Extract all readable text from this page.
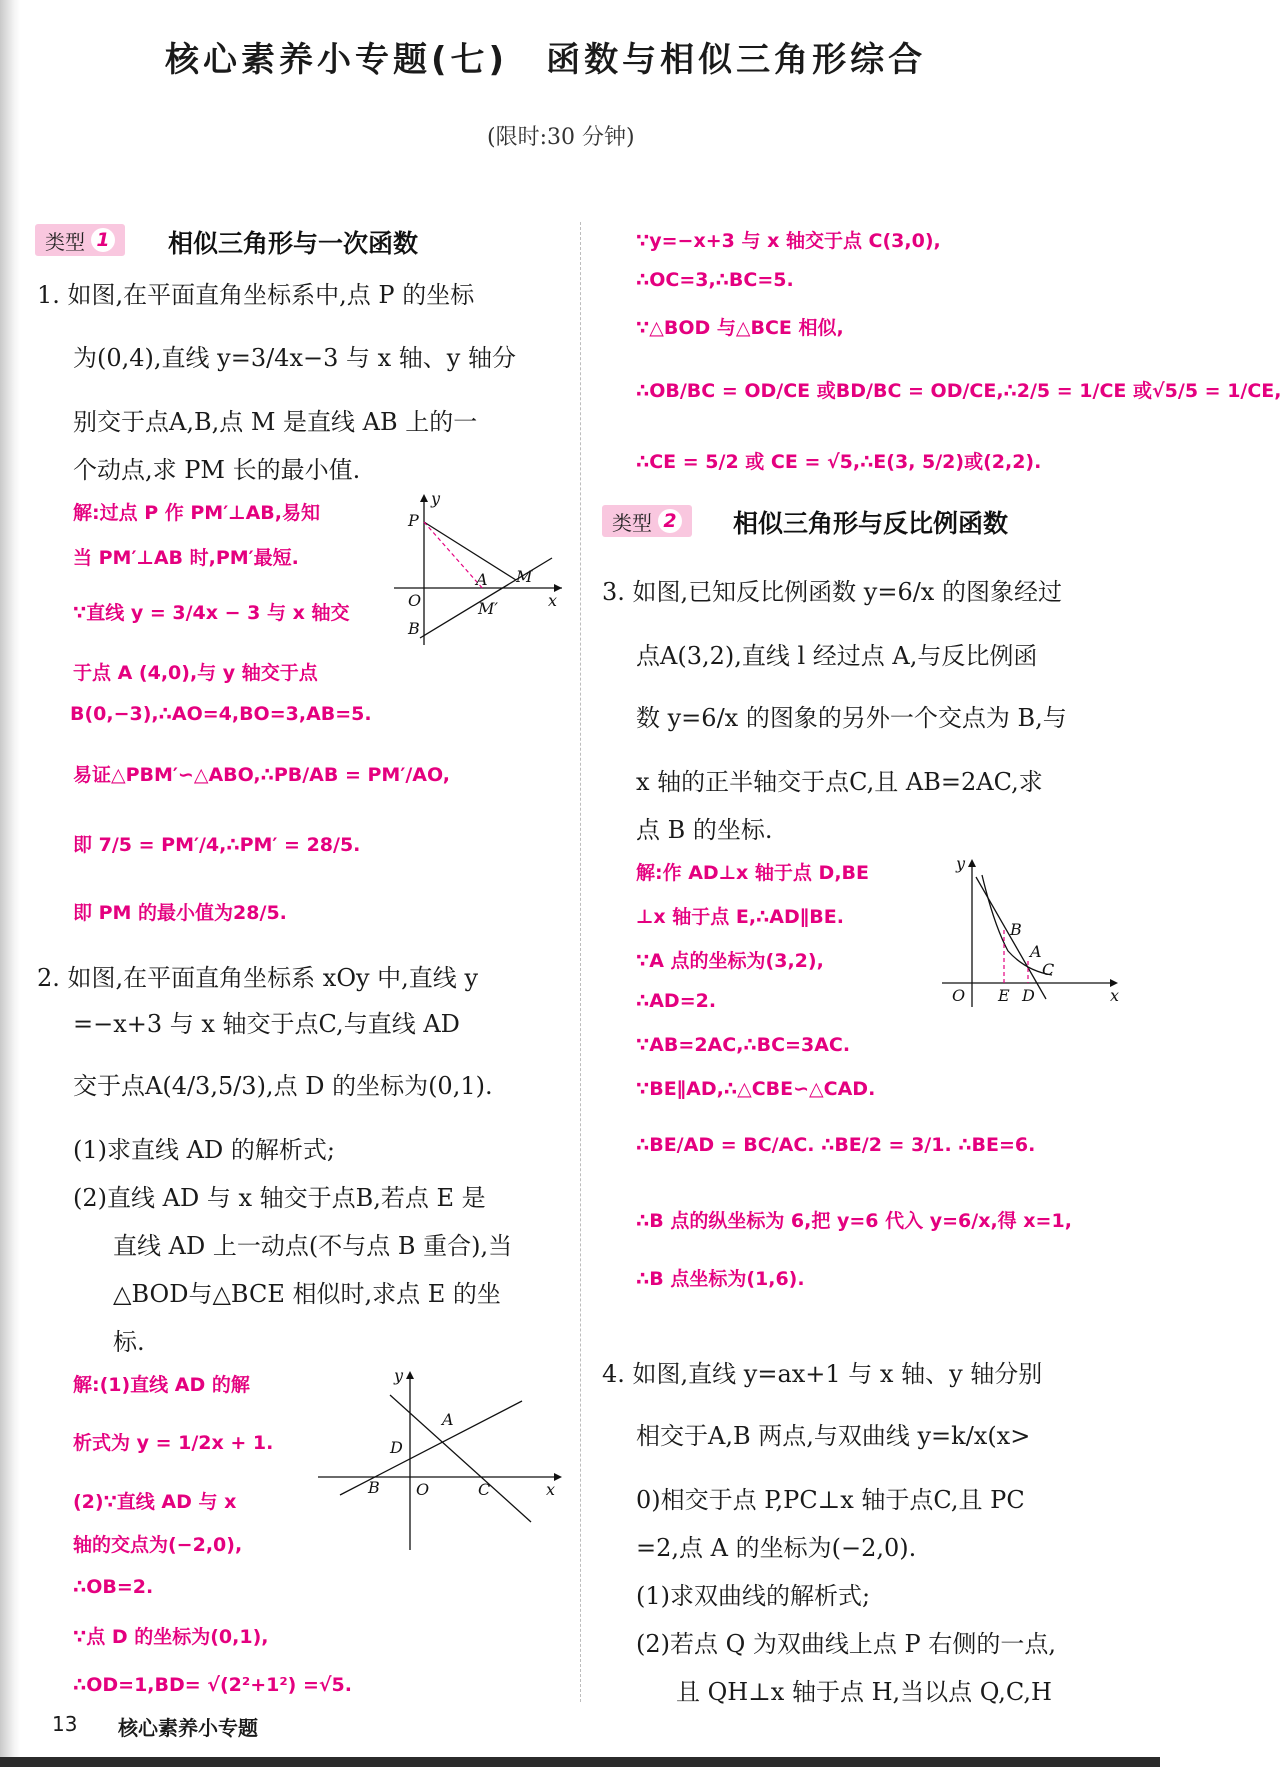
核心素养小专题(七)　函数与相似三角形综合
(限时:30 分钟)
类型 1 相似三角形与一次函数
1. 如图,在平面直角坐标系中,点 P 的坐标
为(0,4),直线 y=3/4x−3 与 x 轴、y 轴分
别交于点A,B,点 M 是直线 AB 上的一
个动点,求 PM 长的最小值.
解:过点 P 作 PM′⊥AB,易知
当 PM′⊥AB 时,PM′最短.
∵直线 y = 3/4x − 3 与 x 轴交
于点 A (4,0),与 y 轴交于点
B(0,−3),∴AO=4,BO=3,AB=5.
易证△PBM′∽△ABO,∴PB/AB = PM′/AO,
即 7/5 = PM′/4,∴PM′ = 28/5.
即 PM 的最小值为28/5.
P
y
O
A M
x
M′
B
2. 如图,在平面直角坐标系 xOy 中,直线 y
=−x+3 与 x 轴交于点C,与直线 AD
交于点A(4/3,5/3),点 D 的坐标为(0,1).
(1)求直线 AD 的解析式;
(2)直线 AD 与 x 轴交于点B,若点 E 是
直线 AD 上一动点(不与点 B 重合),当
△BOD与△BCE 相似时,求点 E 的坐
标.
解:(1)直线 AD 的解
析式为 y = 1/2x + 1.
(2)∵直线 AD 与 x
轴的交点为(−2,0),
∴OB=2.
∵点 D 的坐标为(0,1),
∴OD=1,BD= √(2²+1²) =√5.
y
A
D
B O	C	x
∵y=−x+3 与 x 轴交于点 C(3,0),
∴OC=3,∴BC=5.
∵△BOD 与△BCE 相似,
∴OB/BC = OD/CE 或BD/BC = OD/CE,∴2/5 = 1/CE 或√5/5 = 1/CE,
∴CE = 5/2 或 CE = √5,∴E(3, 5/2)或(2,2).
类型 2 相似三角形与反比例函数
3. 如图,已知反比例函数 y=6/x 的图象经过
点A(3,2),直线 l 经过点 A,与反比例函
数 y=6/x 的图象的另外一个交点为 B,与
x 轴的正半轴交于点C,且 AB=2AC,求
点 B 的坐标.
解:作 AD⊥x 轴于点 D,BE
⊥x 轴于点 E,∴AD∥BE.
∵A 点的坐标为(3,2),
∴AD=2.
∵AB=2AC,∴BC=3AC.
∵BE∥AD,∴△CBE∽△CAD.
∴BE/AD = BC/AC. ∴BE/2 = 3/1. ∴BE=6.
∴B 点的纵坐标为 6,把 y=6 代入 y=6/x,得 x=1,
∴B 点坐标为(1,6).
y
B
A
C
O E D	x
4. 如图,直线 y=ax+1 与 x 轴、y 轴分别
相交于A,B 两点,与双曲线 y=k/x(x>
0)相交于点 P,PC⊥x 轴于点C,且 PC
=2,点 A 的坐标为(−2,0).
(1)求双曲线的解析式;
(2)若点 Q 为双曲线上点 P 右侧的一点,
且 QH⊥x 轴于点 H,当以点 Q,C,H
13 核心素养小专题
